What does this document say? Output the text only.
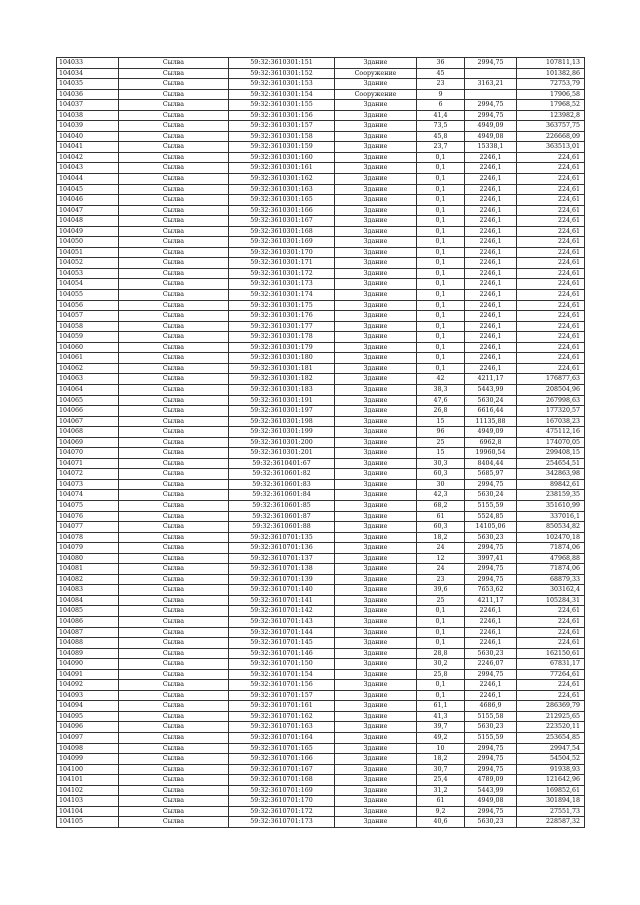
104033	Сылва	59:32:3610301:151	Здание	36	2994,75	107811,13
104034	Сылва	59:32:3610301:152	Сооружение	45		101382,86
104035	Сылва	59:32:3610301:153	Здание	23	3163,21	72753,79
104036	Сылва	59:32:3610301:154	Сооружение	9		17906,58
104037	Сылва	59:32:3610301:155	Здание	6	2994,75	17968,52
104038	Сылва	59:32:3610301:156	Здание	41,4	2994,75	123982,8
104039	Сылва	59:32:3610301:157	Здание	73,5	4949,09	363757,75
104040	Сылва	59:32:3610301:158	Здание	45,8	4949,08	226668,09
104041	Сылва	59:32:3610301:159	Здание	23,7	15338,1	363513,01
104042	Сылва	59:32:3610301:160	Здание	0,1	2246,1	224,61
104043	Сылва	59:32:3610301:161	Здание	0,1	2246,1	224,61
104044	Сылва	59:32:3610301:162	Здание	0,1	2246,1	224,61
104045	Сылва	59:32:3610301:163	Здание	0,1	2246,1	224,61
104046	Сылва	59:32:3610301:165	Здание	0,1	2246,1	224,61
104047	Сылва	59:32:3610301:166	Здание	0,1	2246,1	224,61
104048	Сылва	59:32:3610301:167	Здание	0,1	2246,1	224,61
104049	Сылва	59:32:3610301:168	Здание	0,1	2246,1	224,61
104050	Сылва	59:32:3610301:169	Здание	0,1	2246,1	224,61
104051	Сылва	59:32:3610301:170	Здание	0,1	2246,1	224,61
104052	Сылва	59:32:3610301:171	Здание	0,1	2246,1	224,61
104053	Сылва	59:32:3610301:172	Здание	0,1	2246,1	224,61
104054	Сылва	59:32:3610301:173	Здание	0,1	2246,1	224,61
104055	Сылва	59:32:3610301:174	Здание	0,1	2246,1	224,61
104056	Сылва	59:32:3610301:175	Здание	0,1	2246,1	224,61
104057	Сылва	59:32:3610301:176	Здание	0,1	2246,1	224,61
104058	Сылва	59:32:3610301:177	Здание	0,1	2246,1	224,61
104059	Сылва	59:32:3610301:178	Здание	0,1	2246,1	224,61
104060	Сылва	59:32:3610301:179	Здание	0,1	2246,1	224,61
104061	Сылва	59:32:3610301:180	Здание	0,1	2246,1	224,61
104062	Сылва	59:32:3610301:181	Здание	0,1	2246,1	224,61
104063	Сылва	59:32:3610301:182	Здание	42	4211,17	176877,63
104064	Сылва	59:32:3610301:183	Здание	38,3	5443,99	208504,96
104065	Сылва	59:32:3610301:191	Здание	47,6	5630,24	267998,63
104066	Сылва	59:32:3610301:197	Здание	26,8	6616,44	177320,57
104067	Сылва	59:32:3610301:198	Здание	15	11135,88	167038,23
104068	Сылва	59:32:3610301:199	Здание	96	4949,09	475112,16
104069	Сылва	59:32:3610301:200	Здание	25	6962,8	174070,05
104070	Сылва	59:32:3610301:201	Здание	15	19960,54	299408,15
104071	Сылва	59:32:3610401:67	Здание	30,3	8404,44	254654,51
104072	Сылва	59:32:3610601:82	Здание	60,3	5685,97	342863,98
104073	Сылва	59:32:3610601:83	Здание	30	2994,75	89842,61
104074	Сылва	59:32:3610601:84	Здание	42,3	5630,24	238159,35
104075	Сылва	59:32:3610601:85	Здание	68,2	5155,59	351610,99
104076	Сылва	59:32:3610601:87	Здание	61	5524,85	337016,1
104077	Сылва	59:32:3610601:88	Здание	60,3	14105,06	850534,82
104078	Сылва	59:32:3610701:135	Здание	18,2	5630,23	102470,18
104079	Сылва	59:32:3610701:136	Здание	24	2994,75	71874,06
104080	Сылва	59:32:3610701:137	Здание	12	3997,41	47968,88
104081	Сылва	59:32:3610701:138	Здание	24	2994,75	71874,06
104082	Сылва	59:32:3610701:139	Здание	23	2994,75	68879,33
104083	Сылва	59:32:3610701:140	Здание	39,6	7653,62	303162,4
104084	Сылва	59:32:3610701:141	Здание	25	4211,17	105284,31
104085	Сылва	59:32:3610701:142	Здание	0,1	2246,1	224,61
104086	Сылва	59:32:3610701:143	Здание	0,1	2246,1	224,61
104087	Сылва	59:32:3610701:144	Здание	0,1	2246,1	224,61
104088	Сылва	59:32:3610701:145	Здание	0,1	2246,1	224,61
104089	Сылва	59:32:3610701:146	Здание	28,8	5630,23	162150,61
104090	Сылва	59:32:3610701:150	Здание	30,2	2246,07	67831,17
104091	Сылва	59:32:3610701:154	Здание	25,8	2994,75	77264,61
104092	Сылва	59:32:3610701:156	Здание	0,1	2246,1	224,61
104093	Сылва	59:32:3610701:157	Здание	0,1	2246,1	224,61
104094	Сылва	59:32:3610701:161	Здание	61,1	4686,9	286369,79
104095	Сылва	59:32:3610701:162	Здание	41,3	5155,58	212925,65
104096	Сылва	59:32:3610701:163	Здание	39,7	5630,23	223520,11
104097	Сылва	59:32:3610701:164	Здание	49,2	5155,59	253654,85
104098	Сылва	59:32:3610701:165	Здание	10	2994,75	29947,54
104099	Сылва	59:32:3610701:166	Здание	18,2	2994,75	54504,52
104100	Сылва	59:32:3610701:167	Здание	30,7	2994,75	91938,93
104101	Сылва	59:32:3610701:168	Здание	25,4	4789,09	121642,96
104102	Сылва	59:32:3610701:169	Здание	31,2	5443,99	169852,61
104103	Сылва	59:32:3610701:170	Здание	61	4949,08	301894,18
104104	Сылва	59:32:3610701:172	Здание	9,2	2994,75	27551,73
104105	Сылва	59:32:3610701:173	Здание	40,6	5630,23	228587,32
